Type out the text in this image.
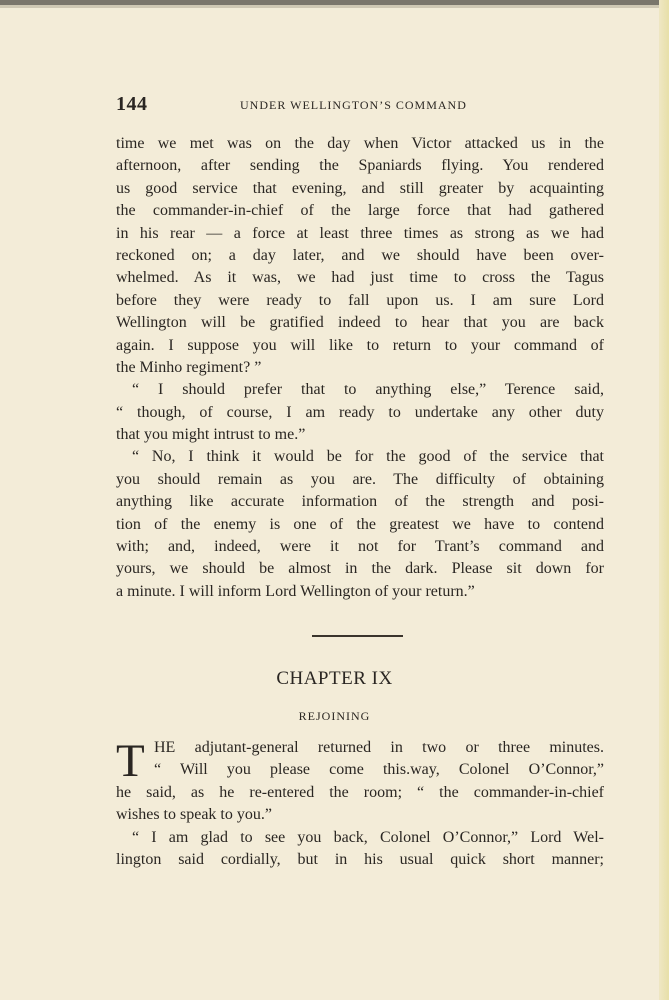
144	UNDER WELLINGTON’S COMMAND
time we met was on the day when Victor attacked us in the
afternoon, after sending the Spaniards flying. You rendered
us good service that evening, and still greater by acquainting
the commander-in-chief of the large force that had gathered
in his rear — a force at least three times as strong as we had
reckoned on; a day later, and we should have been over-
whelmed. As it was, we had just time to cross the Tagus
before they were ready to fall upon us. I am sure Lord
Wellington will be gratified indeed to hear that you are back
again. I suppose you will like to return to your command of
the Minho regiment? ”
“ I should prefer that to anything else,” Terence said,
“ though, of course, I am ready to undertake any other duty
that you might intrust to me.”
“ No, I think it would be for the good of the service that
you should remain as you are. The difficulty of obtaining
anything like accurate information of the strength and posi-
tion of the enemy is one of the greatest we have to contend
with; and, indeed, were it not for Trant’s command and
yours, we should be almost in the dark. Please sit down for
a minute. I will inform Lord Wellington of your return.”
CHAPTER IX
REJOINING
T HE adjutant-general returned in two or three minutes.
“ Will you please come this.way, Colonel O’Connor,”
he said, as he re-entered the room; “ the commander-in-chief
wishes to speak to you.”
“ I am glad to see you back, Colonel O’Connor,” Lord Wel-
lington said cordially, but in his usual quick short manner;
